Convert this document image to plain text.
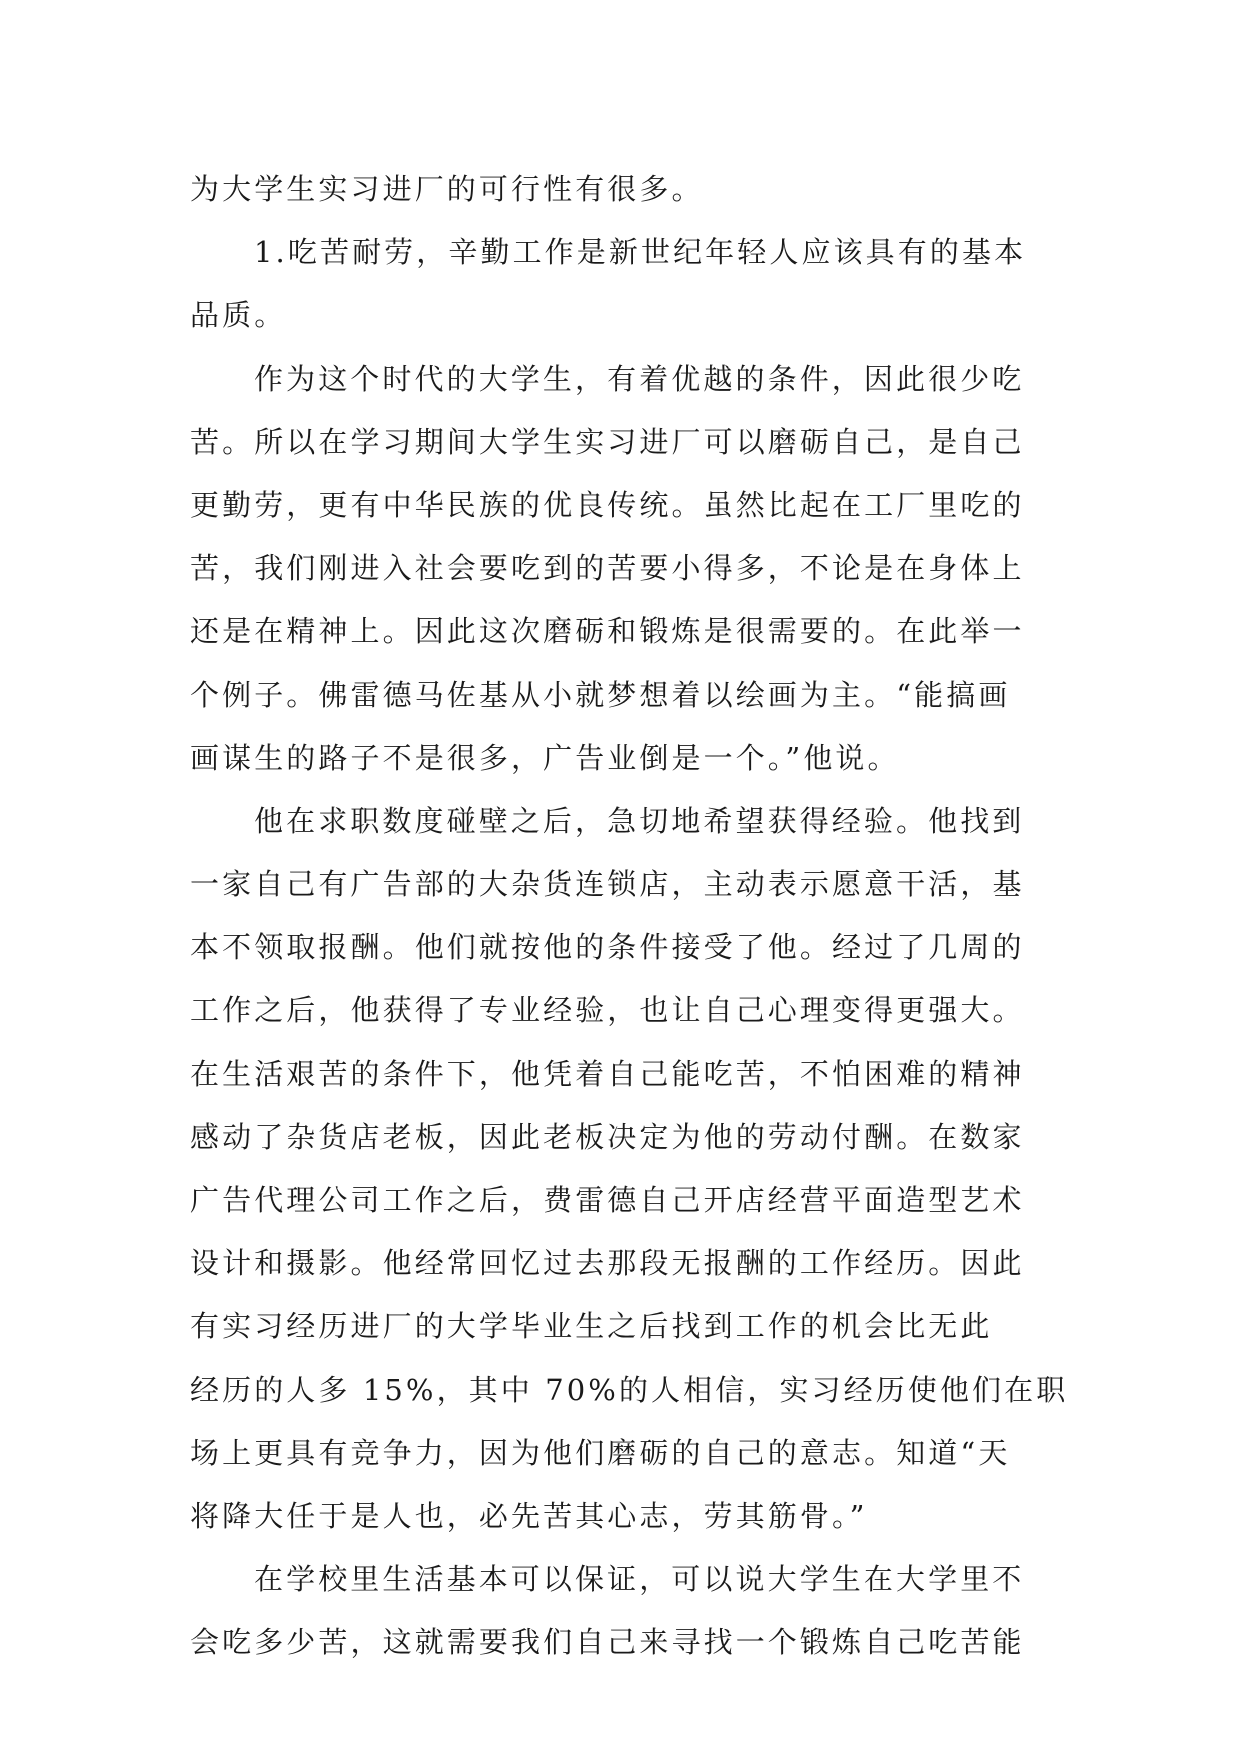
为大学生实习进厂的可行性有很多。
1.吃苦耐劳，辛勤工作是新世纪年轻人应该具有的基本
品质。
作为这个时代的大学生，有着优越的条件，因此很少吃
苦。所以在学习期间大学生实习进厂可以磨砺自己，是自己
更勤劳，更有中华民族的优良传统。虽然比起在工厂里吃的
苦，我们刚进入社会要吃到的苦要小得多，不论是在身体上
还是在精神上。因此这次磨砺和锻炼是很需要的。在此举一
个例子。佛雷德马佐基从小就梦想着以绘画为主。“能搞画
画谋生的路子不是很多，广告业倒是一个。”他说。
他在求职数度碰壁之后，急切地希望获得经验。他找到
一家自己有广告部的大杂货连锁店，主动表示愿意干活，基
本不领取报酬。他们就按他的条件接受了他。经过了几周的
工作之后，他获得了专业经验，也让自己心理变得更强大。
在生活艰苦的条件下，他凭着自己能吃苦，不怕困难的精神
感动了杂货店老板，因此老板决定为他的劳动付酬。在数家
广告代理公司工作之后，费雷德自己开店经营平面造型艺术
设计和摄影。他经常回忆过去那段无报酬的工作经历。因此
有实习经历进厂的大学毕业生之后找到工作的机会比无此
经历的人多 15%，其中 70%的人相信，实习经历使他们在职
场上更具有竞争力，因为他们磨砺的自己的意志。知道“天
将降大任于是人也，必先苦其心志，劳其筋骨。”
在学校里生活基本可以保证，可以说大学生在大学里不
会吃多少苦，这就需要我们自己来寻找一个锻炼自己吃苦能
